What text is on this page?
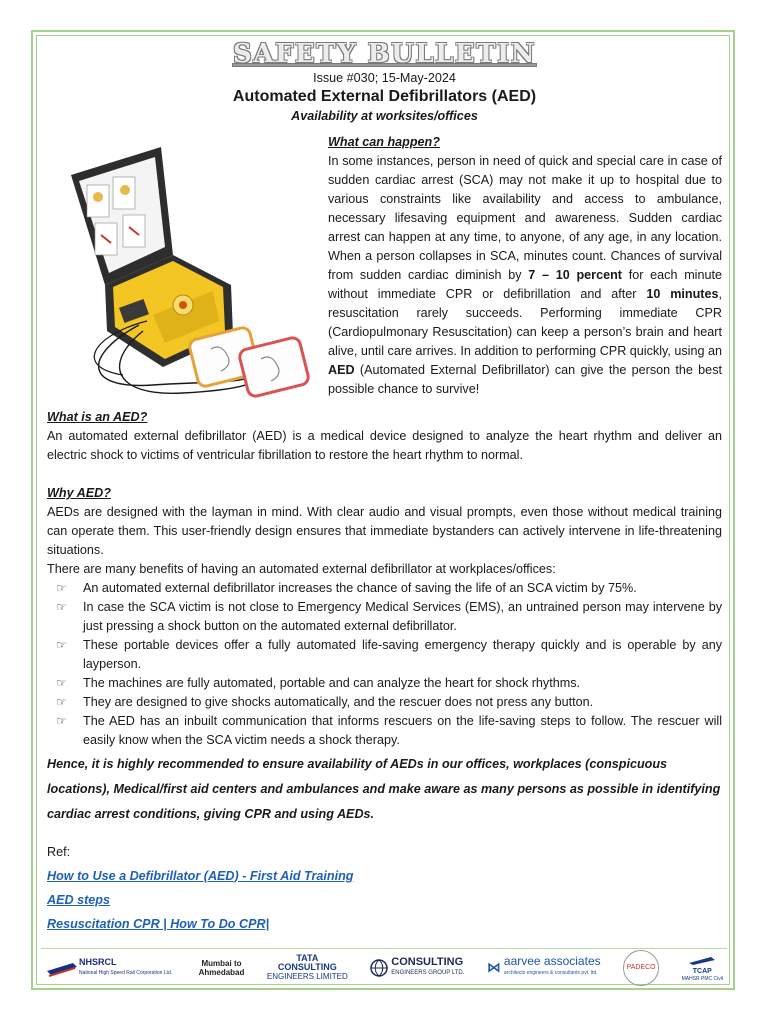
SAFETY BULLETIN
Issue #030; 15-May-2024
Automated External Defibrillators (AED)
Availability at worksites/offices
What can happen?

In some instances, person in need of quick and special care in case of sudden cardiac arrest (SCA) may not make it up to hospital due to various constraints like availability and access to ambulance, necessary lifesaving equipment and awareness. Sudden cardiac arrest can happen at any time, to anyone, of any age, in any location. When a person collapses in SCA, minutes count. Chances of survival from sudden cardiac diminish by 7 – 10 percent for each minute without immediate CPR or defibrillation and after 10 minutes, resuscitation rarely succeeds. Performing immediate CPR (Cardiopulmonary Resuscitation) can keep a person’s brain and heart alive, until care arrives. In addition to performing CPR quickly, using an AED (Automated External Defibrillator) can give the person the best possible chance to survive!

What is an AED?

An automated external defibrillator (AED) is a medical device designed to analyze the heart rhythm and deliver an electric shock to victims of ventricular fibrillation to restore the heart rhythm to normal.

Why AED?

AEDs are designed with the layman in mind. With clear audio and visual prompts, even those without medical training can operate them. This user-friendly design ensures that immediate bystanders can actively intervene in life-threatening situations.

There are many benefits of having an automated external defibrillator at workplaces/offices:

☞ An automated external defibrillator increases the chance of saving the life of an SCA victim by 75%.
☞ In case the SCA victim is not close to Emergency Medical Services (EMS), an untrained person may intervene by just pressing a shock button on the automated external defibrillator.
☞ These portable devices offer a fully automated life-saving emergency therapy quickly and is operable by any layperson.
☞ The machines are fully automated, portable and can analyze the heart for shock rhythms.
☞ They are designed to give shocks automatically, and the rescuer does not press any button.
☞ The AED has an inbuilt communication that informs rescuers on the life-saving steps to follow. The rescuer will easily know when the SCA victim needs a shock therapy.

Hence, it is highly recommended to ensure availability of AEDs in our offices, workplaces (conspicuous locations), Medical/first aid centers and ambulances and make aware as many persons as possible in identifying cardiac arrest conditions, giving CPR and using AEDs.

Ref:
How to Use a Defibrillator (AED) - First Aid Training
AED steps
Resuscitation CPR | How To Do CPR|
NHSRCL
National High Speed Rail Corporation Ltd.
Mumbai to
Ahmedabad
TATA
CONSULTING
ENGINEERS LIMITED
CONSULTING
ENGINEERS GROUP LTD. ⋈ aarvee associates
architects engineers & consultants pvt. ltd.
PADECO	TCAP
MAHSR PMC Civil
